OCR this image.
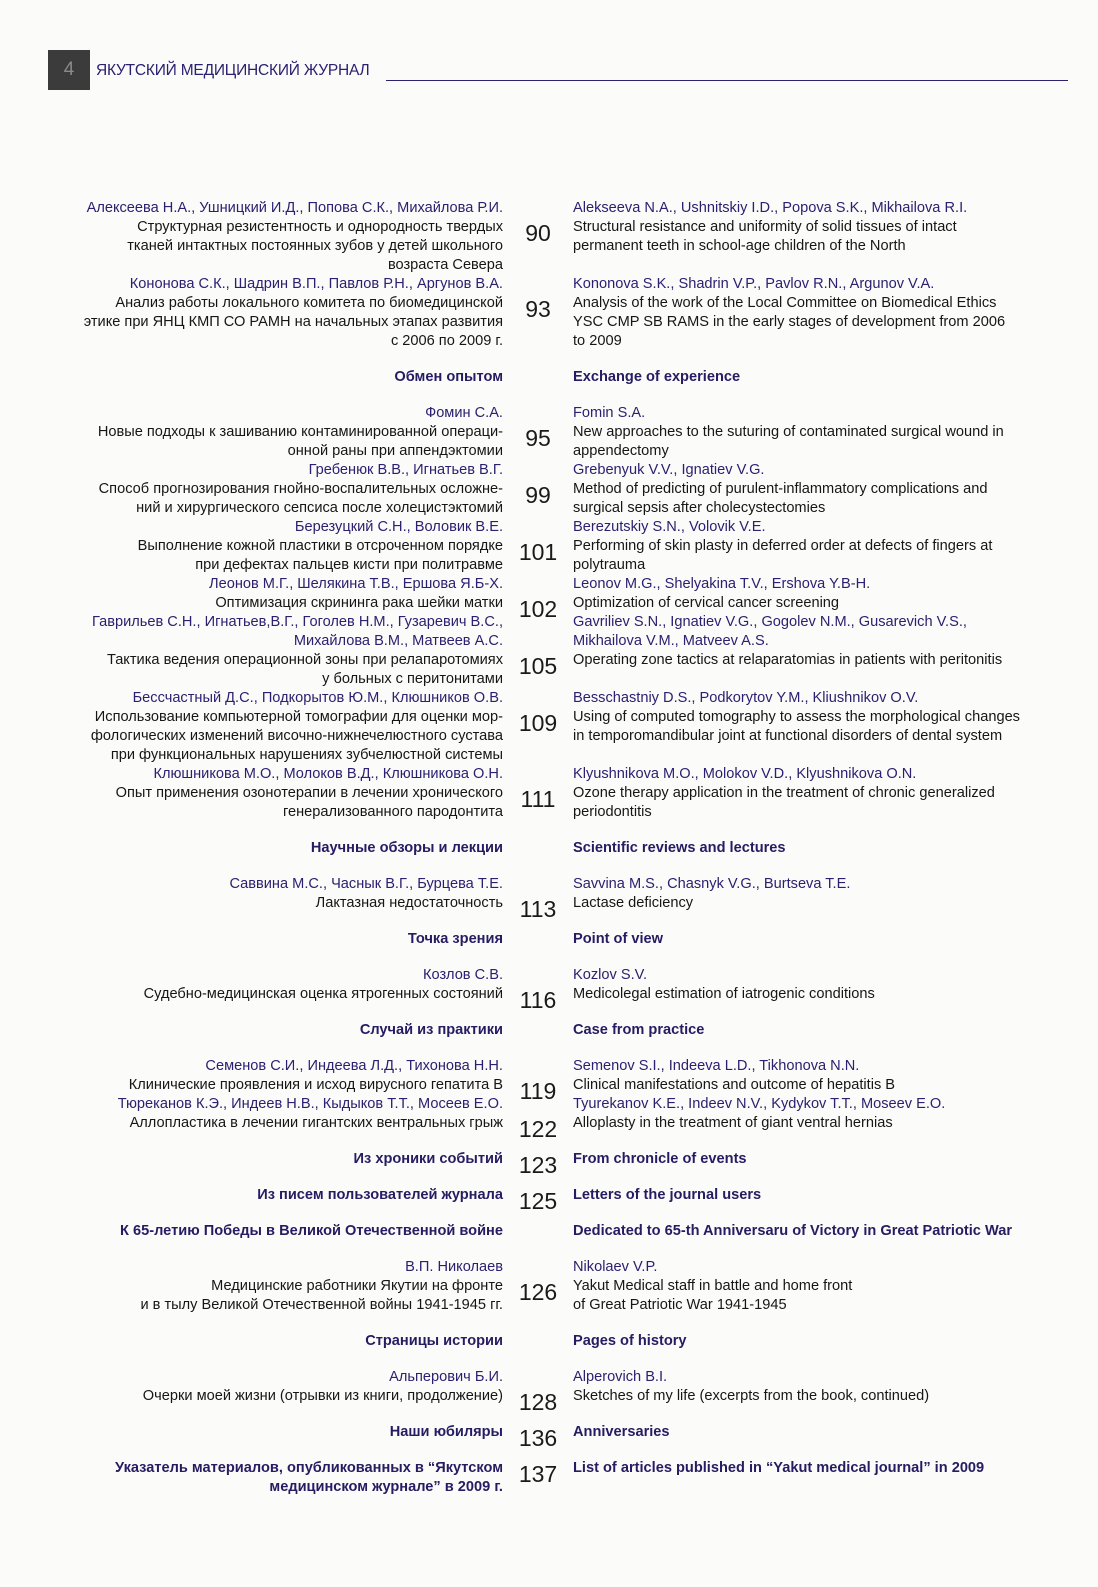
4	ЯКУТСКИЙ МЕДИЦИНСКИЙ ЖУРНАЛ
Алексеева Н.А., Ушницкий И.Д., Попова С.К., Михайлова Р.И.	Alekseeva N.A., Ushnitskiy I.D., Popova S.K., Mikhailova R.I.
Структурная резистентность и однородность твердых 90	Structural resistance and uniformity of solid tissues of intact
тканей интактных постоянных зубов у детей школьного	permanent teeth in school-age children of the North
возраста Севера
Кононова С.К., Шадрин В.П., Павлов Р.Н., Аргунов В.А.	Kononova S.K., Shadrin V.P., Pavlov R.N., Argunov V.A.
Анализ работы локального комитета по биомедицинской 93	Analysis of the work of the Local Committee on Biomedical Ethics
этике при ЯНЦ КМП СО РАМН на начальных этапах развития	YSC CMP SB RAMS in the early stages of development from 2006
с 2006 по 2009 г.	to 2009
Обмен опытом	Exchange of experience
Фомин С.А.	Fomin S.A.
Новые подходы к зашиванию контаминированной операци- 95	New approaches to the suturing of contaminated surgical wound in
онной раны при аппендэктомии	appendectomy
Гребенюк В.В., Игнатьев В.Г.	Grebenyuk V.V., Ignatiev V.G.
Способ прогнозирования гнойно-воспалительных осложне- 99	Method of predicting of purulent-inflammatory complications and
ний и хирургического сепсиса после холецистэктомий	surgical sepsis after cholecystectomies
Березуцкий С.Н., Воловик В.Е.	Berezutskiy S.N., Volovik V.E.
Выполнение кожной пластики в отсроченном порядке 101	Performing of skin plasty in deferred order at defects of fingers at
при дефектах пальцев кисти при политравме	polytrauma
Леонов М.Г., Шелякина Т.В., Ершова Я.Б-Х.	Leonov M.G., Shelyakina T.V., Ershova Y.B-H.
Оптимизация скрининга рака шейки матки 102	Optimization of cervical cancer screening
Гаврильев С.Н., Игнатьев,В.Г., Гоголев Н.М., Гузаревич В.С.,	Gavriliev S.N., Ignatiev V.G., Gogolev N.M., Gusarevich V.S.,
Михайлова В.М., Матвеев А.С.	Mikhailova V.M., Matveev A.S.
Тактика ведения операционной зоны при релапаротомиях 105	Operating zone tactics at relaparatomias in patients with peritonitis
у больных с перитонитами
Бессчастный Д.С., Подкорытов Ю.М., Клюшников О.В.	Besschastniy D.S., Podkorytov Y.M., Kliushnikov O.V.
Использование компьютерной томографии для оценки мор- 109	Using of computed tomography to assess the morphological changes
фологических изменений височно-нижнечелюстного сустава	in temporomandibular joint at functional disorders of dental system
при функциональных нарушениях зубчелюстной системы
Клюшникова М.О., Молоков В.Д., Клюшникова О.Н.	Klyushnikova M.O., Molokov V.D., Klyushnikova O.N.
Опыт применения озонотерапии в лечении хронического 111	Ozone therapy application in the treatment of chronic generalized
генерализованного пародонтита	periodontitis
Научные обзоры и лекции	Scientific reviews and lectures
Саввина М.С., Часнык В.Г., Бурцева Т.Е.	Savvina M.S., Chasnyk V.G., Burtseva T.E.
Лактазная недостаточность 113	Lactase deficiency
Точка зрения	Point of view
Козлов С.В.	Kozlov S.V.
Судебно-медицинская оценка ятрогенных состояний 116	Medicolegal estimation of iatrogenic conditions
Случай из практики	Case from practice
Семенов С.И., Индеева Л.Д., Тихонова Н.Н.	Semenov S.I., Indeeva L.D., Tikhonova N.N.
Клинические проявления и исход вирусного гепатита В 119	Clinical manifestations and outcome of hepatitis B
Тюреканов К.Э., Индеев Н.В., Кыдыков Т.Т., Мосеев Е.О.	Tyurekanov K.E., Indeev N.V., Kydykov T.T., Moseev E.O.
Аллопластика в лечении гигантских вентральных грыж 122	Alloplasty in the treatment of giant ventral hernias
Из хроники событий 123	From chronicle of events
Из писем пользователей журнала 125	Letters of the journal users
К 65-летию Победы в Великой Отечественной войне	Dedicated to 65-th Anniversaru of Victory in Great Patriotic War
В.П. Николаев	Nikolaev V.P.
Медицинские работники Якутии на фронте 126	Yakut Medical staff in battle and home front
и в тылу Великой Отечественной войны 1941-1945 гг.	of Great Patriotic War 1941-1945
Страницы истории	Pages of history
Альперович Б.И.	Alperovich B.I.
Очерки моей жизни (отрывки из книги, продолжение) 128	Sketches of my life (excerpts from the book, continued)
Наши юбиляры 136	Anniversaries
Указатель материалов, опубликованных в “Якутском 137	List of articles published in “Yakut medical journal” in 2009
медицинском журнале” в 2009 г.
